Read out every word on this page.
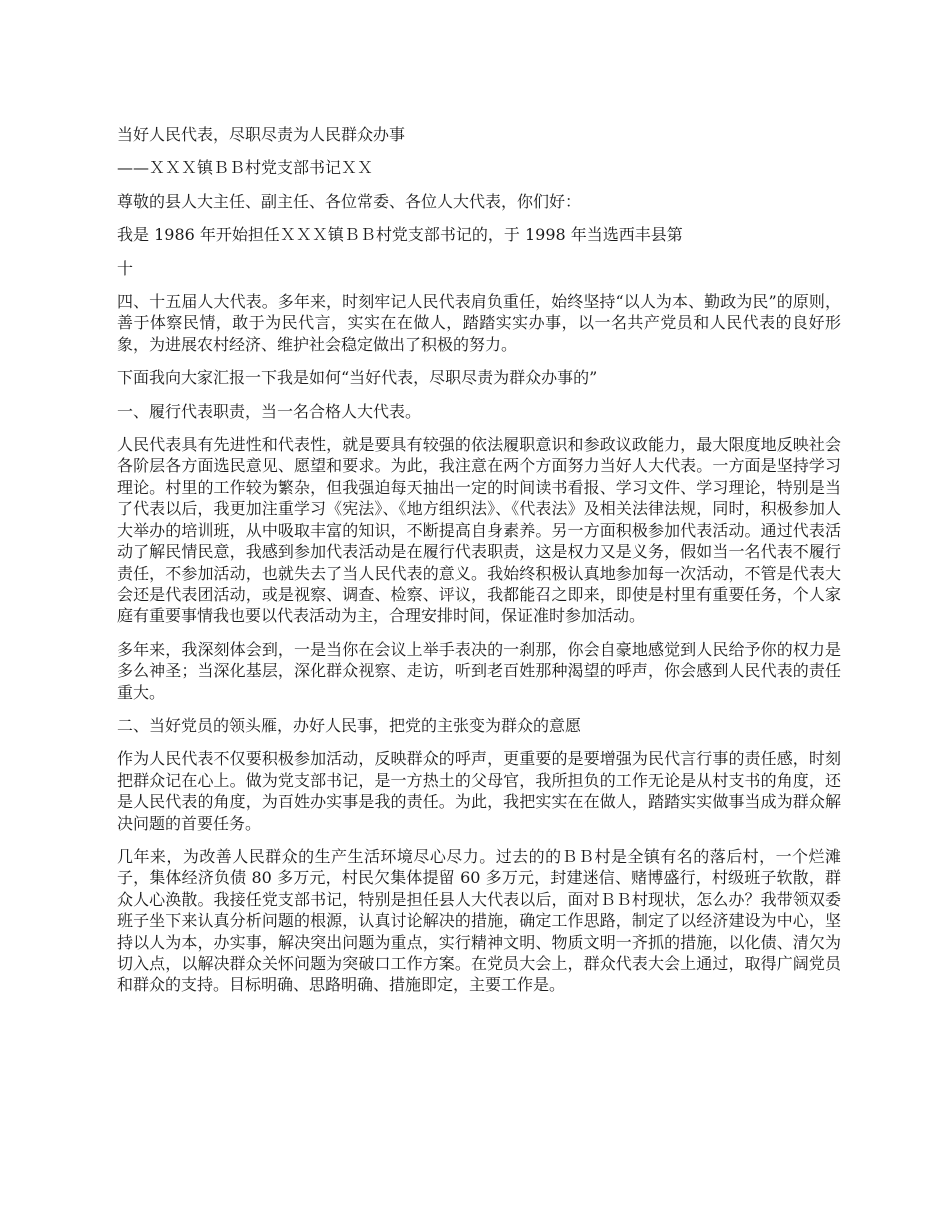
当好人民代表，尽职尽责为人民群众办事

——ＸＸＸ镇ＢＢ村党支部书记ＸＸ

尊敬的县人大主任、副主任、各位常委、各位人大代表，你们好：

我是 1986 年开始担任ＸＸＸ镇ＢＢ村党支部书记的，于 1998 年当选西丰县第

十

四、十五届人大代表。多年来，时刻牢记人民代表肩负重任，始终坚持“以人为本、勤政为民”的原则，善于体察民情，敢于为民代言，实实在在做人，踏踏实实办事，以一名共产党员和人民代表的良好形象，为进展农村经济、维护社会稳定做出了积极的努力。

下面我向大家汇报一下我是如何“当好代表，尽职尽责为群众办事的”

一、履行代表职责，当一名合格人大代表。

人民代表具有先进性和代表性，就是要具有较强的依法履职意识和参政议政能力，最大限度地反映社会各阶层各方面选民意见、愿望和要求。为此，我注意在两个方面努力当好人大代表。一方面是坚持学习理论。村里的工作较为繁杂，但我强迫每天抽出一定的时间读书看报、学习文件、学习理论，特别是当了代表以后，我更加注重学习《宪法》、《地方组织法》、《代表法》及相关法律法规，同时，积极参加人大举办的培训班，从中吸取丰富的知识，不断提高自身素养。另一方面积极参加代表活动。通过代表活动了解民情民意，我感到参加代表活动是在履行代表职责，这是权力又是义务，假如当一名代表不履行责任，不参加活动，也就失去了当人民代表的意义。我始终积极认真地参加每一次活动，不管是代表大会还是代表团活动，或是视察、调查、检察、评议，我都能召之即来，即使是村里有重要任务，个人家庭有重要事情我也要以代表活动为主，合理安排时间，保证准时参加活动。

多年来，我深刻体会到，一是当你在会议上举手表决的一刹那，你会自豪地感觉到人民给予你的权力是多么神圣；当深化基层，深化群众视察、走访，听到老百姓那种渴望的呼声，你会感到人民代表的责任重大。

二、当好党员的领头雁，办好人民事，把党的主张变为群众的意愿

作为人民代表不仅要积极参加活动，反映群众的呼声，更重要的是要增强为民代言行事的责任感，时刻把群众记在心上。做为党支部书记，是一方热土的父母官，我所担负的工作无论是从村支书的角度，还是人民代表的角度，为百姓办实事是我的责任。为此，我把实实在在做人，踏踏实实做事当成为群众解决问题的首要任务。

几年来，为改善人民群众的生产生活环境尽心尽力。过去的的ＢＢ村是全镇有名的落后村，一个烂滩子，集体经济负债 80 多万元，村民欠集体提留 60 多万元，封建迷信、赌博盛行，村级班子软散，群众人心涣散。我接任党支部书记，特别是担任县人大代表以后，面对ＢＢ村现状，怎么办？我带领双委班子坐下来认真分析问题的根源，认真讨论解决的措施，确定工作思路，制定了以经济建设为中心，坚持以人为本，办实事，解决突出问题为重点，实行精神文明、物质文明一齐抓的措施，以化债、清欠为切入点，以解决群众关怀问题为突破口工作方案。在党员大会上，群众代表大会上通过，取得广阔党员和群众的支持。目标明确、思路明确、措施即定，主要工作是。
